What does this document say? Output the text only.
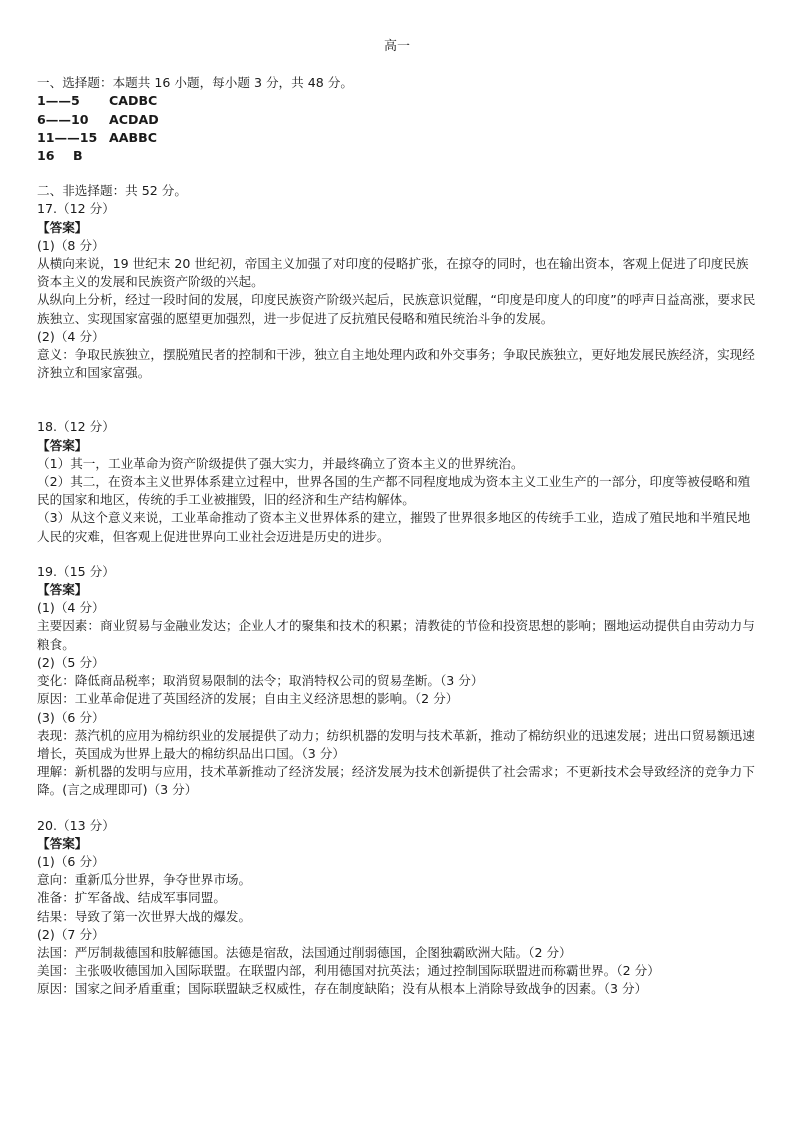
高一
一、选择题：本题共 16 小题，每小题 3 分，共 48 分。
1——5	CADBC
6——10	ACDAD
11——15 AABBC
16	B
二、非选择题：共 52 分。
17.（12 分）
【答案】
(1)（8 分）
从横向来说，19 世纪末 20 世纪初，帝国主义加强了对印度的侵略扩张，在掠夺的同时，也在输出资本，客观上促进了印度民族资本主义的发展和民族资产阶级的兴起。
从纵向上分析，经过一段时间的发展，印度民族资产阶级兴起后，民族意识觉醒，“印度是印度人的印度”的呼声日益高涨，要求民族独立、实现国家富强的愿望更加强烈，进一步促进了反抗殖民侵略和殖民统治斗争的发展。
(2)（4 分）
意义：争取民族独立，摆脱殖民者的控制和干涉，独立自主地处理内政和外交事务；争取民族独立，更好地发展民族经济，实现经济独立和国家富强。
18.（12 分）
【答案】
（1）其一，工业革命为资产阶级提供了强大实力，并最终确立了资本主义的世界统治。
（2）其二，在资本主义世界体系建立过程中，世界各国的生产都不同程度地成为资本主义工业生产的一部分，印度等被侵略和殖民的国家和地区，传统的手工业被摧毁，旧的经济和生产结构解体。
（3）从这个意义来说，工业革命推动了资本主义世界体系的建立，摧毁了世界很多地区的传统手工业，造成了殖民地和半殖民地人民的灾难，但客观上促进世界向工业社会迈进是历史的进步。
19.（15 分）
【答案】
(1)（4 分）
主要因素：商业贸易与金融业发达；企业人才的聚集和技术的积累；清教徒的节俭和投资思想的影响；圈地运动提供自由劳动力与粮食。
(2)（5 分）
变化：降低商品税率；取消贸易限制的法令；取消特权公司的贸易垄断。（3 分）
原因：工业革命促进了英国经济的发展；自由主义经济思想的影响。（2 分）
(3)（6 分）
表现：蒸汽机的应用为棉纺织业的发展提供了动力；纺织机器的发明与技术革新，推动了棉纺织业的迅速发展；进出口贸易额迅速增长，英国成为世界上最大的棉纺织品出口国。（3 分）
理解：新机器的发明与应用，技术革新推动了经济发展；经济发展为技术创新提供了社会需求；不更新技术会导致经济的竞争力下降。(言之成理即可)（3 分）
20.（13 分）
【答案】
(1)（6 分）
意向：重新瓜分世界，争夺世界市场。
准备：扩军备战、结成军事同盟。
结果：导致了第一次世界大战的爆发。
(2)（7 分）
法国：严厉制裁德国和肢解德国。法德是宿敌，法国通过削弱德国，企图独霸欧洲大陆。（2 分）
美国：主张吸收德国加入国际联盟。在联盟内部，利用德国对抗英法；通过控制国际联盟进而称霸世界。（2 分）
原因：国家之间矛盾重重；国际联盟缺乏权威性，存在制度缺陷；没有从根本上消除导致战争的因素。（3 分）
